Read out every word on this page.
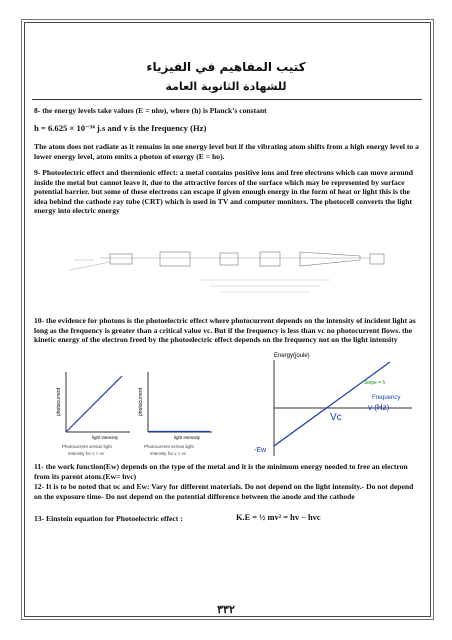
كتيب المفاهيم في الفيزياء
للشهادة الثانوية العامة
8- the energy levels take values (E = nhυ), where (h) is Planck’s constant
h = 6.625 × 10⁻³⁴ j.s and v is the frequency (Hz)
The atom does not radiate as it remains in one energy level but if the vibrating atom shifts from a high energy level to a lower energy level, atom emits a photon of energy (E = hυ).
9- Photoelectric effect and thermionic effect: a metal contains positive ions and free electrons which can move around inside the metal but cannot leave it, due to the attractive forces of the surface which may be represented by surface potential barrier. but some of these electrons can escape if given enough energy in the form of heat or light this is the idea behind the cathode ray tube (CRT) which is used in TV and computer monitors. The photocell converts the light energy into electric energy
10- the evidence for photons is the photoelectric effect where photocurrent depends on the intensity of incident light as long as the frequency is greater than a critical value vc. But if the frequency is less than vc no photocurrent flows. the kinetic energy of the electron freed by the photoelectric effect depends on the frequency not on the light intensity
photocurrent
light intensity
Photocurrent versus light
intensity for v > vc
photocurrent
light intensity
Photocurrent versus light
intensity for v < vc
Energy(joule)
Slope = h
Frequency
v (Hz)
Vc
-Ew
11- the work function(Ew) depends on the type of the metal and it is the minimum energy needed to free an electron from its parent atom.(Ew= hvc)
12- It is to be noted that υc and Ew: Vary for different materials. Do not depend on the light intensity.- Do not depend on the exposure time- Do not depend on the potential difference between the anode and the cathode
13- Einstein equation for Photoelectric effect :	K.E = ½ mv² = hv − hvc
٣٣٢
